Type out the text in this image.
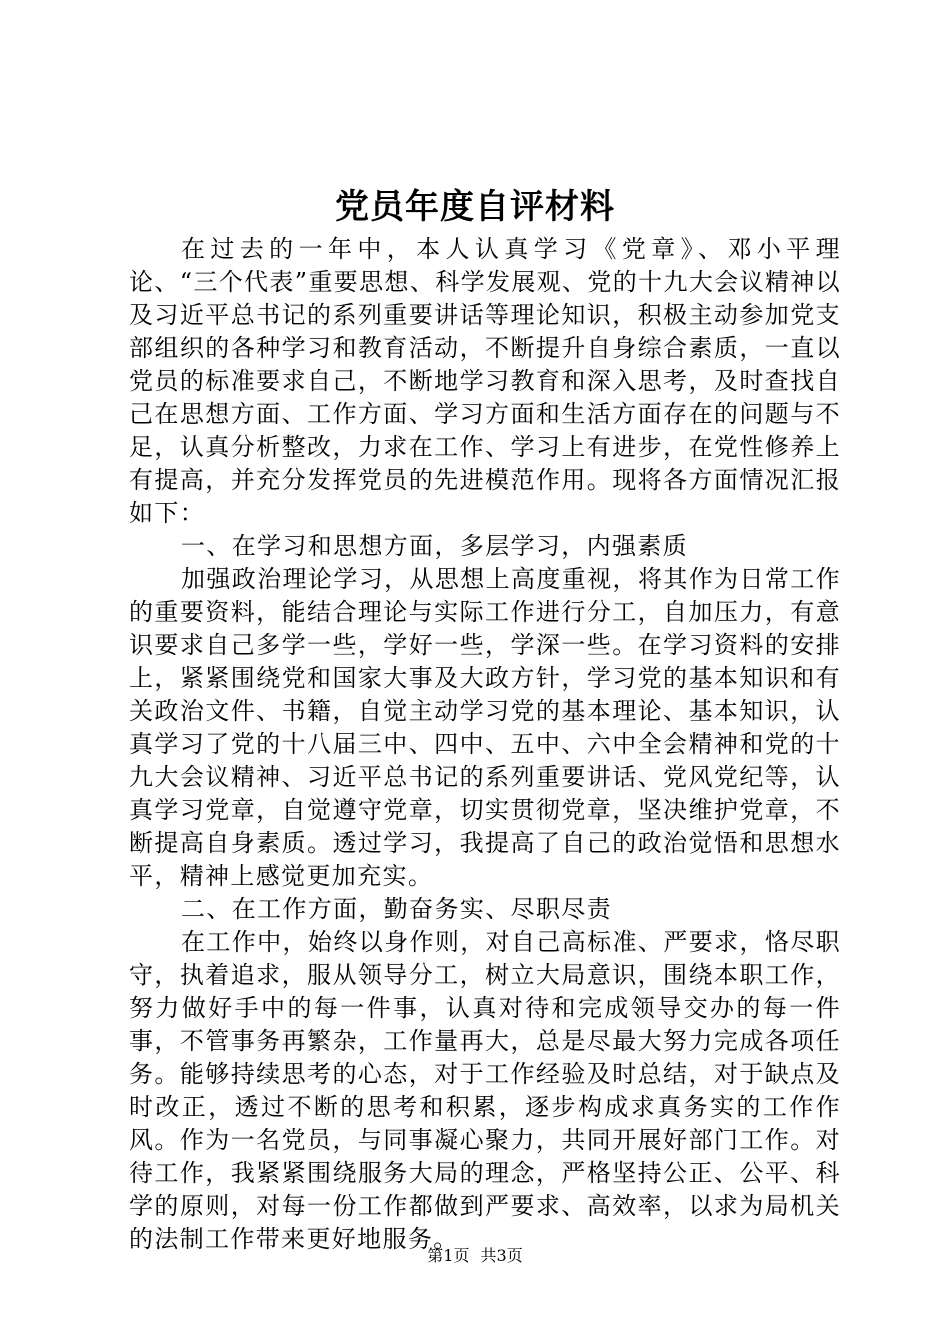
党员年度自评材料

在过去的一年中，本人认真学习《党章》、邓小平理论、“三个代表”重要思想、科学发展观、党的十九大会议精神以及习近平总书记的系列重要讲话等理论知识，积极主动参加党支部组织的各种学习和教育活动，不断提升自身综合素质，一直以党员的标准要求自己，不断地学习教育和深入思考，及时查找自己在思想方面、工作方面、学习方面和生活方面存在的问题与不足，认真分析整改，力求在工作、学习上有进步，在党性修养上有提高，并充分发挥党员的先进模范作用。现将各方面情况汇报如下：

一、在学习和思想方面，多层学习，内强素质

加强政治理论学习，从思想上高度重视，将其作为日常工作的重要资料，能结合理论与实际工作进行分工，自加压力，有意识要求自己多学一些，学好一些，学深一些。在学习资料的安排上，紧紧围绕党和国家大事及大政方针，学习党的基本知识和有关政治文件、书籍，自觉主动学习党的基本理论、基本知识，认真学习了党的十八届三中、四中、五中、六中全会精神和党的十九大会议精神、习近平总书记的系列重要讲话、党风党纪等，认真学习党章，自觉遵守党章，切实贯彻党章，坚决维护党章，不断提高自身素质。透过学习，我提高了自己的政治觉悟和思想水平，精神上感觉更加充实。

二、在工作方面，勤奋务实、尽职尽责

在工作中，始终以身作则，对自己高标准、严要求，恪尽职守，执着追求，服从领导分工，树立大局意识，围绕本职工作，努力做好手中的每一件事，认真对待和完成领导交办的每一件事，不管事务再繁杂，工作量再大，总是尽最大努力完成各项任务。能够持续思考的心态，对于工作经验及时总结，对于缺点及时改正，透过不断的思考和积累，逐步构成求真务实的工作作风。作为一名党员，与同事凝心聚力，共同开展好部门工作。对待工作，我紧紧围绕服务大局的理念，严格坚持公正、公平、科学的原则，对每一份工作都做到严要求、高效率，以求为局机关的法制工作带来更好地服务。

第1页 共3页
